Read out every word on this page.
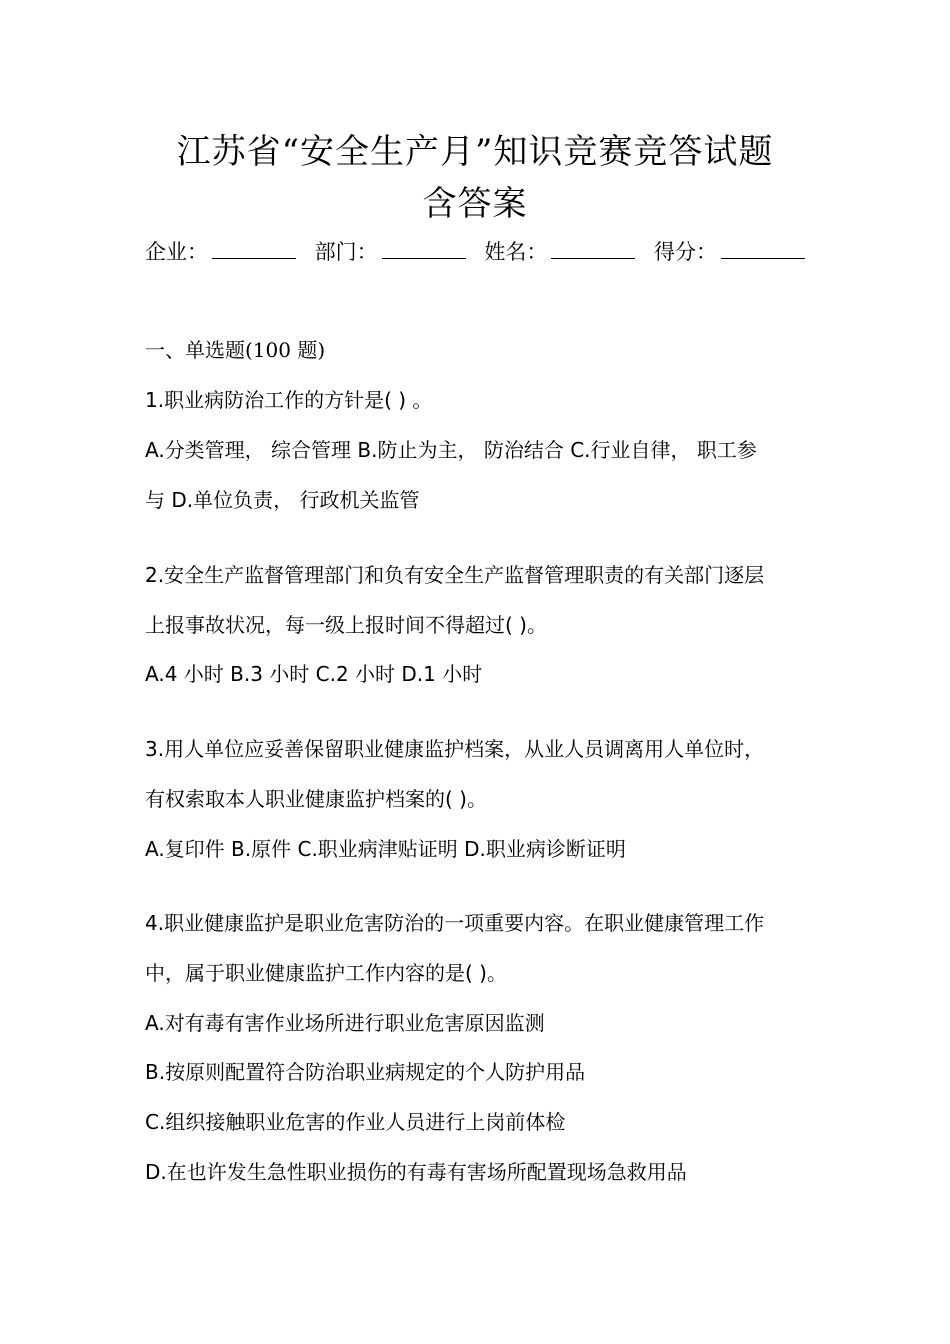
江苏省“安全生产月”知识竞赛竞答试题
含答案
企业：	部门：	姓名：	得分：
一、单选题(100 题)
1.职业病防治工作的方针是( ) 。
A.分类管理， 综合管理 B.防止为主， 防治结合 C.行业自律， 职工参
与 D.单位负责， 行政机关监管
2.安全生产监督管理部门和负有安全生产监督管理职责的有关部门逐层
上报事故状况，每一级上报时间不得超过( )。
A.4 小时 B.3 小时 C.2 小时 D.1 小时
3.用人单位应妥善保留职业健康监护档案，从业人员调离用人单位时，
有权索取本人职业健康监护档案的( )。
A.复印件 B.原件 C.职业病津贴证明 D.职业病诊断证明
4.职业健康监护是职业危害防治的一项重要内容。在职业健康管理工作
中，属于职业健康监护工作内容的是( )。
A.对有毒有害作业场所进行职业危害原因监测
B.按原则配置符合防治职业病规定的个人防护用品
C.组织接触职业危害的作业人员进行上岗前体检
D.在也许发生急性职业损伤的有毒有害场所配置现场急救用品
